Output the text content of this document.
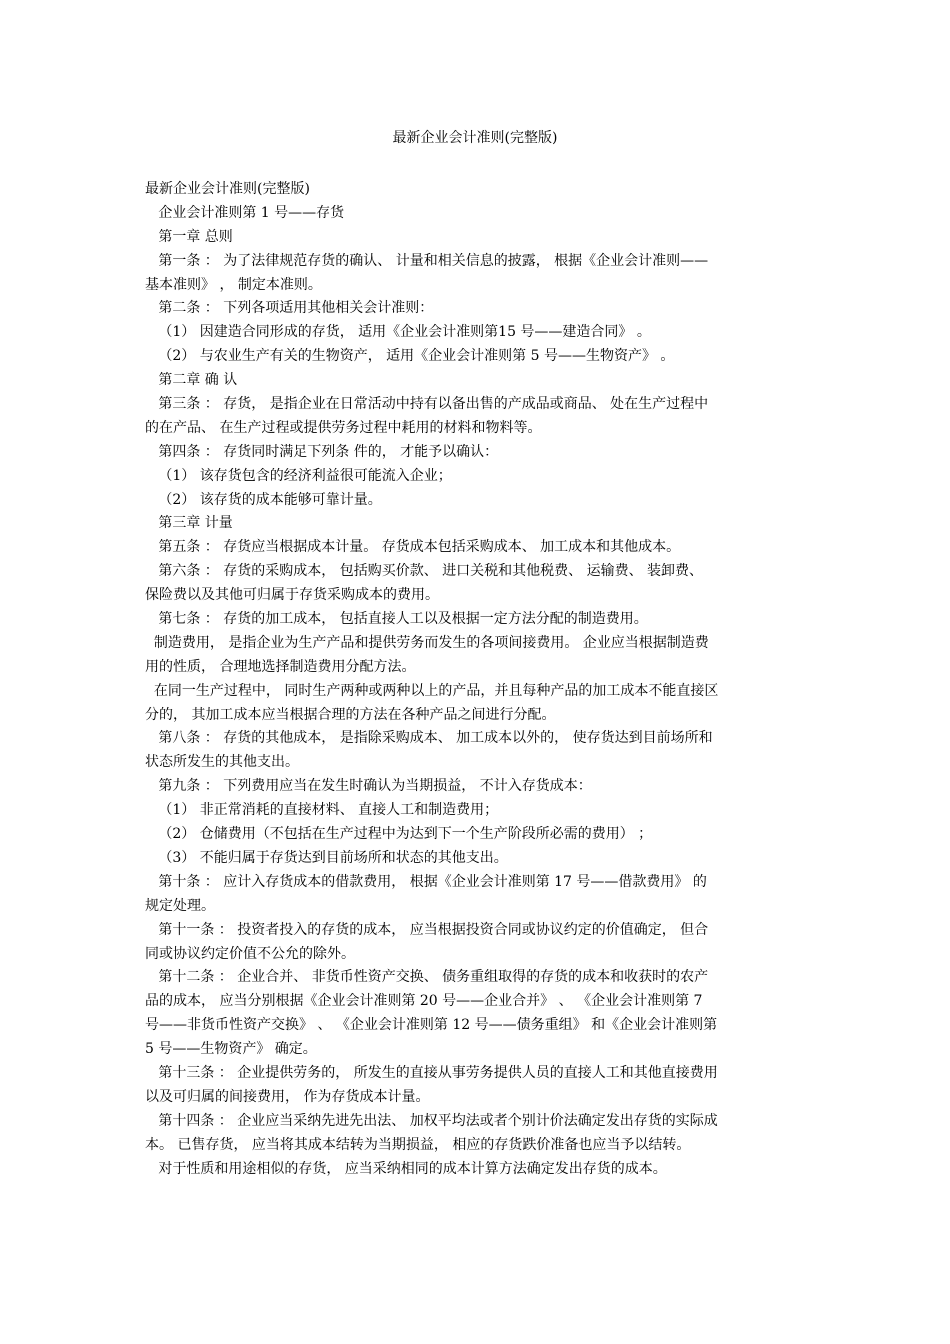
最新企业会计准则(完整版)
最新企业会计准则(完整版)
企业会计准则第 1 号——存货
第一章 总则
第一条 ： 为了法律规范存货的确认、 计量和相关信息的披露， 根据《企业会计准则——
基本准则》 ， 制定本准则。
第二条 ： 下列各项适用其他相关会计准则：
（1） 因建造合同形成的存货， 适用《企业会计准则第15 号——建造合同》 。
（2） 与农业生产有关的生物资产， 适用《企业会计准则第 5 号——生物资产》 。
第二章 确 认
第三条 ： 存货， 是指企业在日常活动中持有以备出售的产成品或商品、 处在生产过程中
的在产品、 在生产过程或提供劳务过程中耗用的材料和物料等。
第四条 ： 存货同时满足下列条 件的， 才能予以确认：
（1） 该存货包含的经济利益很可能流入企业；
（2） 该存货的成本能够可靠计量。
第三章 计量
第五条 ： 存货应当根据成本计量。 存货成本包括采购成本、 加工成本和其他成本。
第六条 ： 存货的采购成本， 包括购买价款、 进口关税和其他税费、 运输费、 装卸费、
保险费以及其他可归属于存货采购成本的费用。
第七条 ： 存货的加工成本， 包括直接人工以及根据一定方法分配的制造费用。
制造费用， 是指企业为生产产品和提供劳务而发生的各项间接费用。 企业应当根据制造费
用的性质， 合理地选择制造费用分配方法。
在同一生产过程中， 同时生产两种或两种以上的产品，并且每种产品的加工成本不能直接区
分的， 其加工成本应当根据合理的方法在各种产品之间进行分配。
第八条 ： 存货的其他成本， 是指除采购成本、 加工成本以外的， 使存货达到目前场所和
状态所发生的其他支出。
第九条 ： 下列费用应当在发生时确认为当期损益， 不计入存货成本：
（1） 非正常消耗的直接材料、 直接人工和制造费用；
（2） 仓储费用（不包括在生产过程中为达到下一个生产阶段所必需的费用） ；
（3） 不能归属于存货达到目前场所和状态的其他支出。
第十条 ： 应计入存货成本的借款费用， 根据《企业会计准则第 17 号——借款费用》 的
规定处理。
第十一条 ： 投资者投入的存货的成本， 应当根据投资合同或协议约定的价值确定， 但合
同或协议约定价值不公允的除外。
第十二条 ： 企业合并、 非货币性资产交换、 债务重组取得的存货的成本和收获时的农产
品的成本， 应当分别根据《企业会计准则第 20 号——企业合并》 、 《企业会计准则第 7
号——非货币性资产交换》 、 《企业会计准则第 12 号——债务重组》 和《企业会计准则第
5 号——生物资产》 确定。
第十三条 ： 企业提供劳务的， 所发生的直接从事劳务提供人员的直接人工和其他直接费用
以及可归属的间接费用， 作为存货成本计量。
第十四条 ： 企业应当采纳先进先出法、 加权平均法或者个别计价法确定发出存货的实际成
本。 已售存货， 应当将其成本结转为当期损益， 相应的存货跌价准备也应当予以结转。
对于性质和用途相似的存货， 应当采纳相同的成本计算方法确定发出存货的成本。
